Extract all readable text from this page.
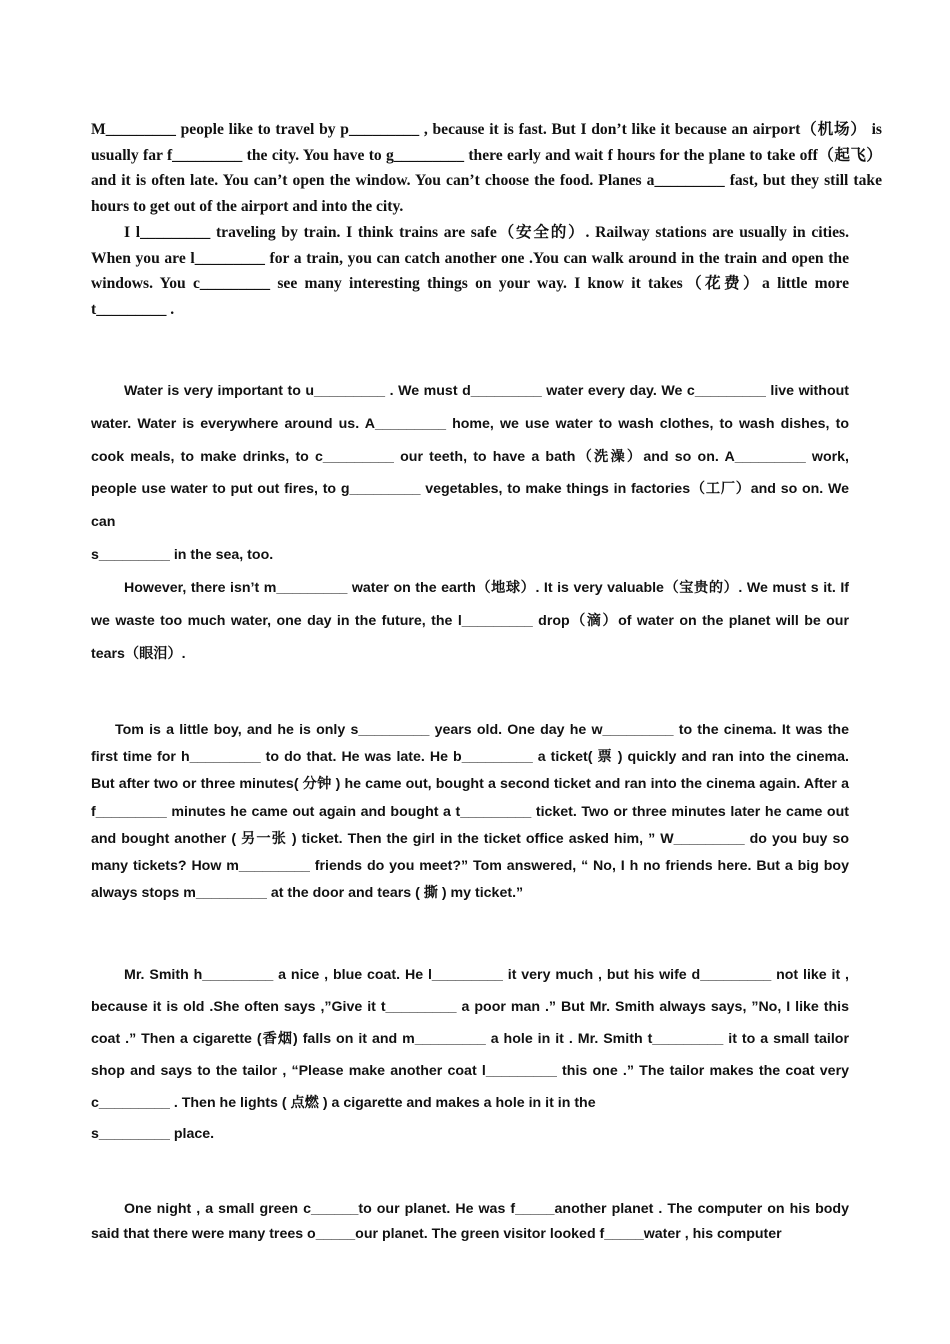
M_________ people like to travel by p_________ , because it is fast. But I don’t like it because an airport（机场） is usually far f_________ the city. You have to g_________ there early and wait f hours for the plane to take off（起飞） and it is often late. You can’t open the window. You can’t choose the food. Planes a_________ fast, but they still take hours to get out of the airport and into the city.

I l_________ traveling by train. I think trains are safe（安全的）. Railway stations are usually in cities. When you are l_________ for a train, you can catch another one .You can walk around in the train and open the windows. You c_________ see many interesting things on your way. I know it takes（花费）a little more t_________ .

Water is very important to u_________ . We must d_________ water every day. We c_________ live without water. Water is everywhere around us. A_________ home, we use water to wash clothes, to wash dishes, to cook meals, to make drinks, to c_________ our teeth, to have a bath（洗澡）and so on. A_________ work, people use water to put out fires, to g_________ vegetables, to make things in factories（工厂）and so on. We can

s_________ in the sea, too.

However, there isn’t m_________ water on the earth（地球）. It is very valuable（宝贵的）. We must s it. If we waste too much water, one day in the future, the l_________ drop（滴）of water on the planet will be our tears（眼泪）.

Tom is a little boy, and he is only s_________ years old. One day he w_________ to the cinema. It was the first time for h_________ to do that. He was late. He b_________ a ticket( 票 ) quickly and ran into the cinema. But after two or three minutes( 分钟 ) he came out, bought a second ticket and ran into the cinema again. After a f_________ minutes he came out again and bought a t_________ ticket. Two or three minutes later he came out and bought another ( 另一张 ) ticket. Then the girl in the ticket office asked him, ” W_________ do you buy so many tickets? How m_________ friends do you meet?” Tom answered, “ No, I h no friends here. But a big boy always stops m_________ at the door and tears ( 撕 ) my ticket.”

Mr. Smith h_________ a nice , blue coat. He l_________ it very much , but his wife d_________ not like it , because it is old .She often says ,”Give it t_________ a poor man .” But Mr. Smith always says, ”No, I like this coat .” Then a cigarette (香烟) falls on it and m_________ a hole in it . Mr. Smith t_________ it to a small tailor shop and says to the tailor , “Please make another coat l_________ this one .” The tailor makes the coat very c_________ . Then he lights ( 点燃 ) a cigarette and makes a hole in it in the

s_________ place.

One night , a small green c______to our planet. He was f_____another planet . The computer on his body said that there were many trees o_____our planet. The green visitor looked f_____water , his computer
